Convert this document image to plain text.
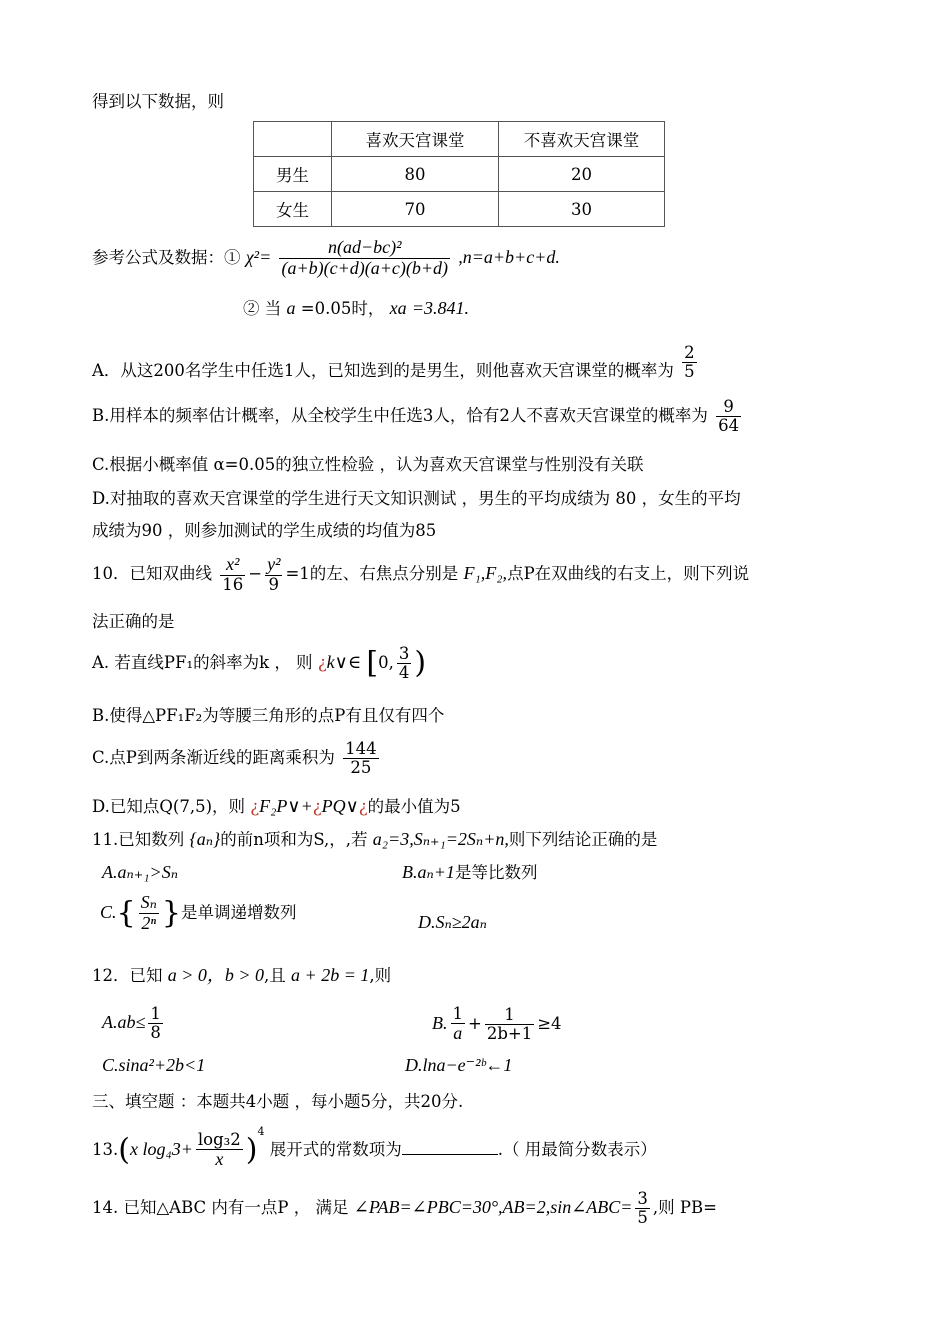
得到以下数据，则
	喜欢天宫课堂	不喜欢天宫课堂
男生	80	20
女生	70	30
参考公式及数据：① $\chi^2= \frac{\text{n(ad−bc)²}}{(a+b)(c+d)(a+c)(b+d)} ,n=a+b+c+d$.
② 当 a =0.05时， xa =3.841.
A．从这200名学生中任选1人，已知选到的是男生，则他喜欢天宫课堂的概率为 $\frac{2}{5}$
B.用样本的频率估计概率，从全校学生中任选3人，恰有2人不喜欢天宫课堂的概率为 $\frac{9}{64}$
C.根据小概率值 α=0.05的独立性检验 ，认为喜欢天宫课堂与性别没有关联
D.对抽取的喜欢天宫课堂的学生进行天文知识测试 ，男生的平均成绩为 80 ，女生的平均
成绩为90 ，则参加测试的学生成绩的均值为85
10．已知双曲线 $\frac{\text{x²}}{16} - \frac{\text{y²}}{9} =1$的左、右焦点分别是 F₁,F₂,点P在双曲线的右支上，则下列说
法正确的是
A. 若直线PF₁的斜率为k ， 则 ¿k∨∈ [0, $\frac{3}{4}$ )
B.使得△PF₁F₂为等腰三角形的点P有且仅有四个
C.点P到两条渐近线的距离乘积为 $\frac{144}{25}$
D.已知点Q(7,5)，则 ¿F₂P∨+¿PQ∨¿的最小值为5
11.已知数列 {aₙ}的前n项和为S,，,若 a₂=3,Sₙ₊₁=2Sₙ+n,则下列结论正确的是
A.aₙ₊₁>Sₙ	B.aₙ+1是等比数列
$C.\{ \frac{\text{Sₙ}}{\text{2ⁿ}}$ }是单调递增数列	D.Sₙ≥2aₙ
12．已知 a > 0，b > 0,且 a + 2b = 1,则
$A.ab\le \frac{1}{8}$	B. $\frac{1}{a} + \frac{1}{2b+1} \ge 4$
C.sina²+2b<1	D.lna−e⁻²ᵇ←1
三、填空题 ：本题共4小题 ，每小题5分，共20分.
13.(x $\log_43+ \frac{\text{log₃2}}{x} )^4$ 展开式的常数项为	.（ 用最简分数表示）
14. 已知△ABC 内有一点P ， 满足 ∠PAB=∠PBC=30°,AB=2,sin∠ABC= $\frac{3}{5}$ ,则 PB=
